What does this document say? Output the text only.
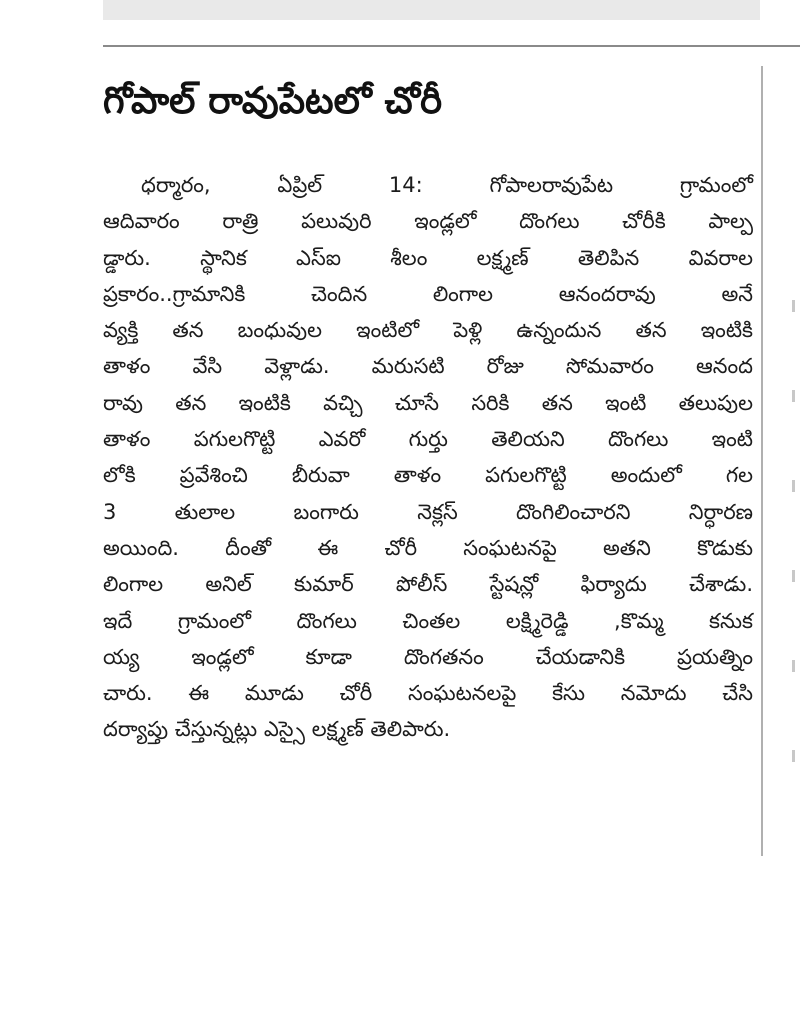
గోపాల్ రావుపేటలో చోరీ
ధర్మారం, ఏప్రిల్ 14: గోపాలరావుపేట గ్రామంలో
ఆదివారం రాత్రి పలువురి ఇండ్లలో దొంగలు చోరీకి పాల్ప
డ్డారు. స్థానిక ఎస్ఐ శీలం లక్ష్మణ్ తెలిపిన వివరాల
ప్రకారం..గ్రామానికి చెందిన లింగాల ఆనందరావు అనే
వ్యక్తి తన బంధువుల ఇంటిలో పెళ్లి ఉన్నందున తన ఇంటికి
తాళం వేసి వెళ్లాడు. మరుసటి రోజు సోమవారం ఆనంద
రావు తన ఇంటికి వచ్చి చూసే సరికి తన ఇంటి తలుపుల
తాళం పగులగొట్టి ఎవరో గుర్తు తెలియని దొంగలు ఇంటి
లోకి ప్రవేశించి బీరువా తాళం పగులగొట్టి అందులో గల
3 తులాల బంగారు నెక్లస్ దొంగిలించారని నిర్ధారణ
అయింది. దీంతో ఈ చోరీ సంఘటనపై అతని కొడుకు
లింగాల అనిల్ కుమార్ పోలీస్ స్టేషన్లో ఫిర్యాదు చేశాడు.
ఇదే గ్రామంలో దొంగలు చింతల లక్ష్మిరెడ్డి ,కొమ్మ కనుక
య్య ఇండ్లలో కూడా దొంగతనం చేయడానికి ప్రయత్నిం
చారు. ఈ మూడు చోరీ సంఘటనలపై కేసు నమోదు చేసి
దర్యాప్తు చేస్తున్నట్లు ఎస్సై లక్ష్మణ్ తెలిపారు.
